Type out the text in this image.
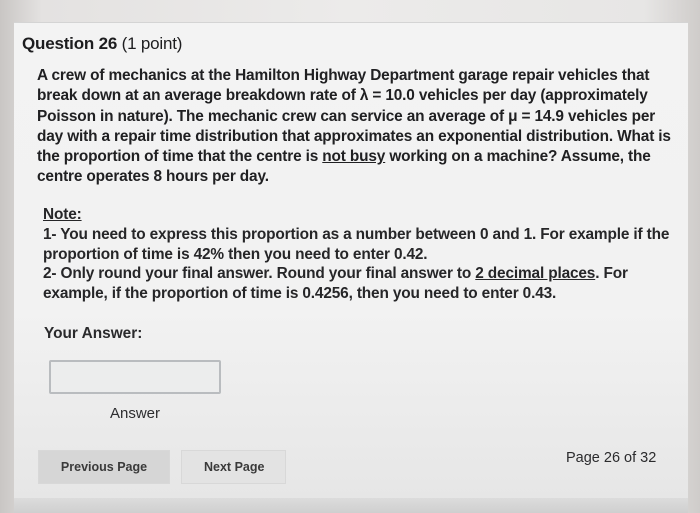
Question 26 (1 point)
A crew of mechanics at the Hamilton Highway Department garage repair vehicles that break down at an average breakdown rate of λ = 10.0 vehicles per day (approximately Poisson in nature). The mechanic crew can service an average of μ = 14.9 vehicles per day with a repair time distribution that approximates an exponential distribution. What is the proportion of time that the centre is not busy working on a machine? Assume, the centre operates 8 hours per day.
Note:
1- You need to express this proportion as a number between 0 and 1. For example if the proportion of time is 42% then you need to enter 0.42.
2- Only round your final answer. Round your final answer to 2 decimal places. For example, if the proportion of time is 0.4256, then you need to enter 0.43.
Your Answer:
Answer
Previous Page	Next Page
Page 26 of 32
